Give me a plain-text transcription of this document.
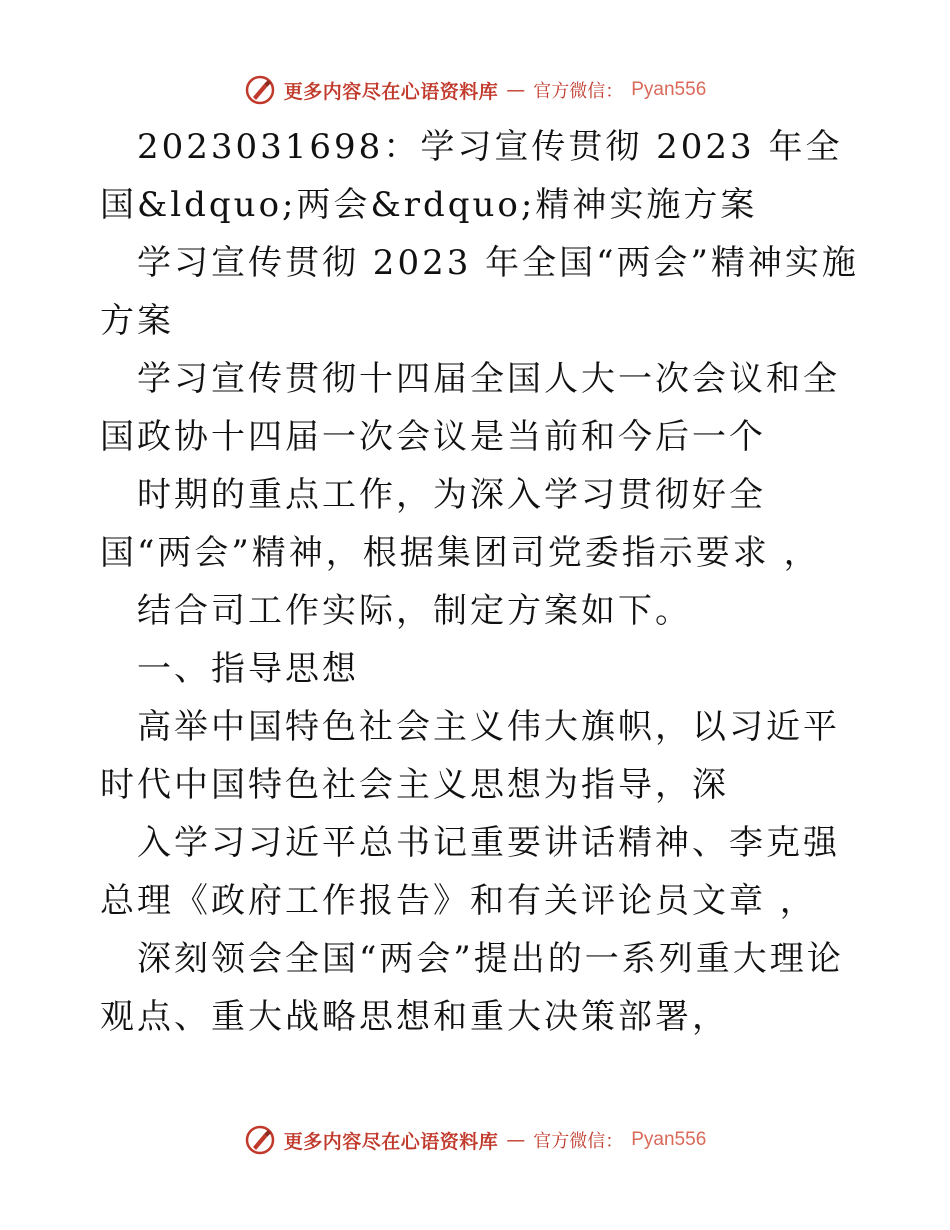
更多内容尽在心语资料库 — 官方微信： Pyan556

2023031698：学习宣传贯彻 2023 年全国&ldquo;两会&rdquo;精神实施方案

学习宣传贯彻 2023 年全国“两会”精神实施方案

学习宣传贯彻十四届全国人大一次会议和全国政协十四届一次会议是当前和今后一个

时期的重点工作，为深入学习贯彻好全国“两会”精神，根据集团司党委指示要求 ，

结合司工作实际，制定方案如下。

一、指导思想

高举中国特色社会主义伟大旗帜，以习近平时代中国特色社会主义思想为指导，深

入学习习近平总书记重要讲话精神、李克强总理《政府工作报告》和有关评论员文章 ，

深刻领会全国“两会”提出的一系列重大理论观点、重大战略思想和重大决策部署，

更多内容尽在心语资料库 — 官方微信： Pyan556
